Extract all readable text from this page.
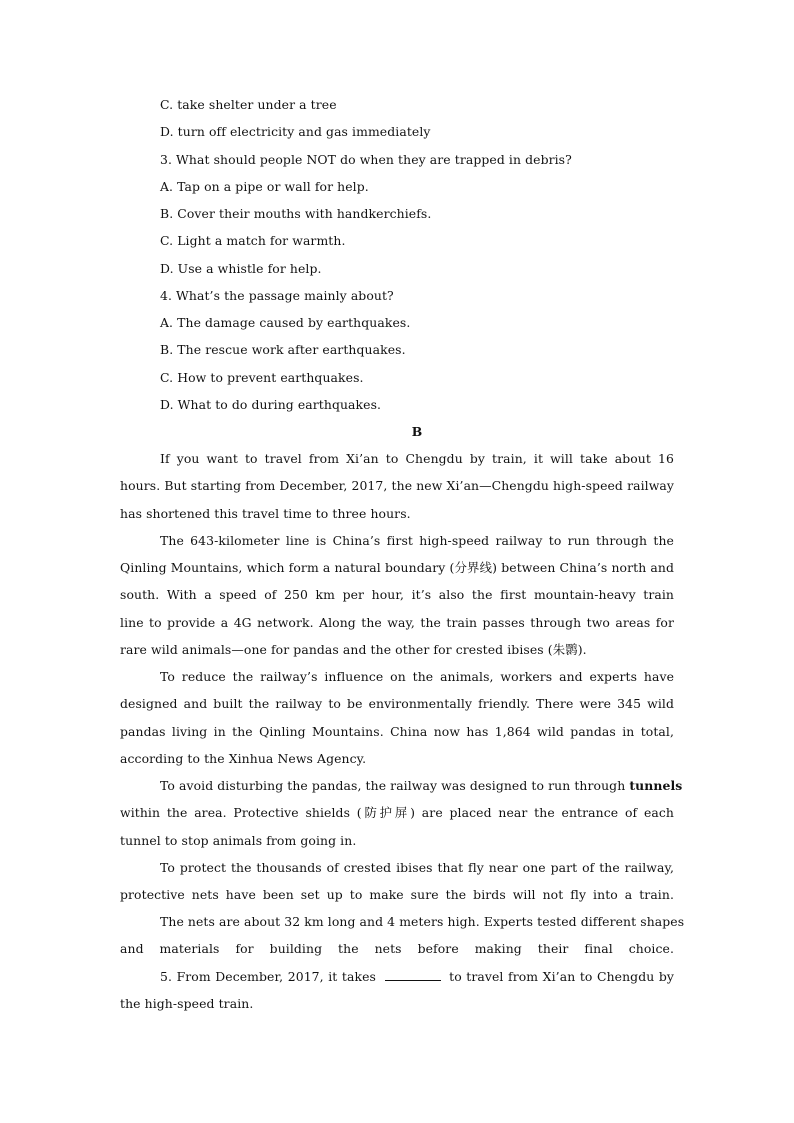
C. take shelter under a tree
D. turn off electricity and gas immediately
3. What should people NOT do when they are trapped in debris?
A. Tap on a pipe or wall for help.
B. Cover their mouths with handkerchiefs.
C. Light a match for warmth.
D. Use a whistle for help.
4. What’s the passage mainly about?
A. The damage caused by earthquakes.
B. The rescue work after earthquakes.
C. How to prevent earthquakes.
D. What to do during earthquakes.
B
If you want to travel from Xi’an to Chengdu by train, it will take about 16
hours. But starting from December, 2017, the new Xi’an—Chengdu high-speed railway
has shortened this travel time to three hours.
The 643-kilometer line is China’s first high-speed railway to run through the
Qinling Mountains, which form a natural boundary (分界线) between China’s north and
south. With a speed of 250 km per hour, it’s also the first mountain-heavy train
line to provide a 4G network. Along the way, the train passes through two areas for
rare wild animals—one for pandas and the other for crested ibises (朱鹮).
To reduce the railway’s influence on the animals, workers and experts have
designed and built the railway to be environmentally friendly. There were 345 wild
pandas living in the Qinling Mountains. China now has 1,864 wild pandas in total,
according to the Xinhua News Agency.
To avoid disturbing the pandas, the railway was designed to run through tunnels
within the area. Protective shields (防护屏) are placed near the entrance of each
tunnel to stop animals from going in.
To protect the thousands of crested ibises that fly near one part of the railway,
protective nets have been set up to make sure the birds will not fly into a train.
The nets are about 32 km long and 4 meters high. Experts tested different shapes
and materials for building the nets before making their final choice.
5. From December, 2017, it takes	to travel from Xi’an to Chengdu by
the high-speed train.
